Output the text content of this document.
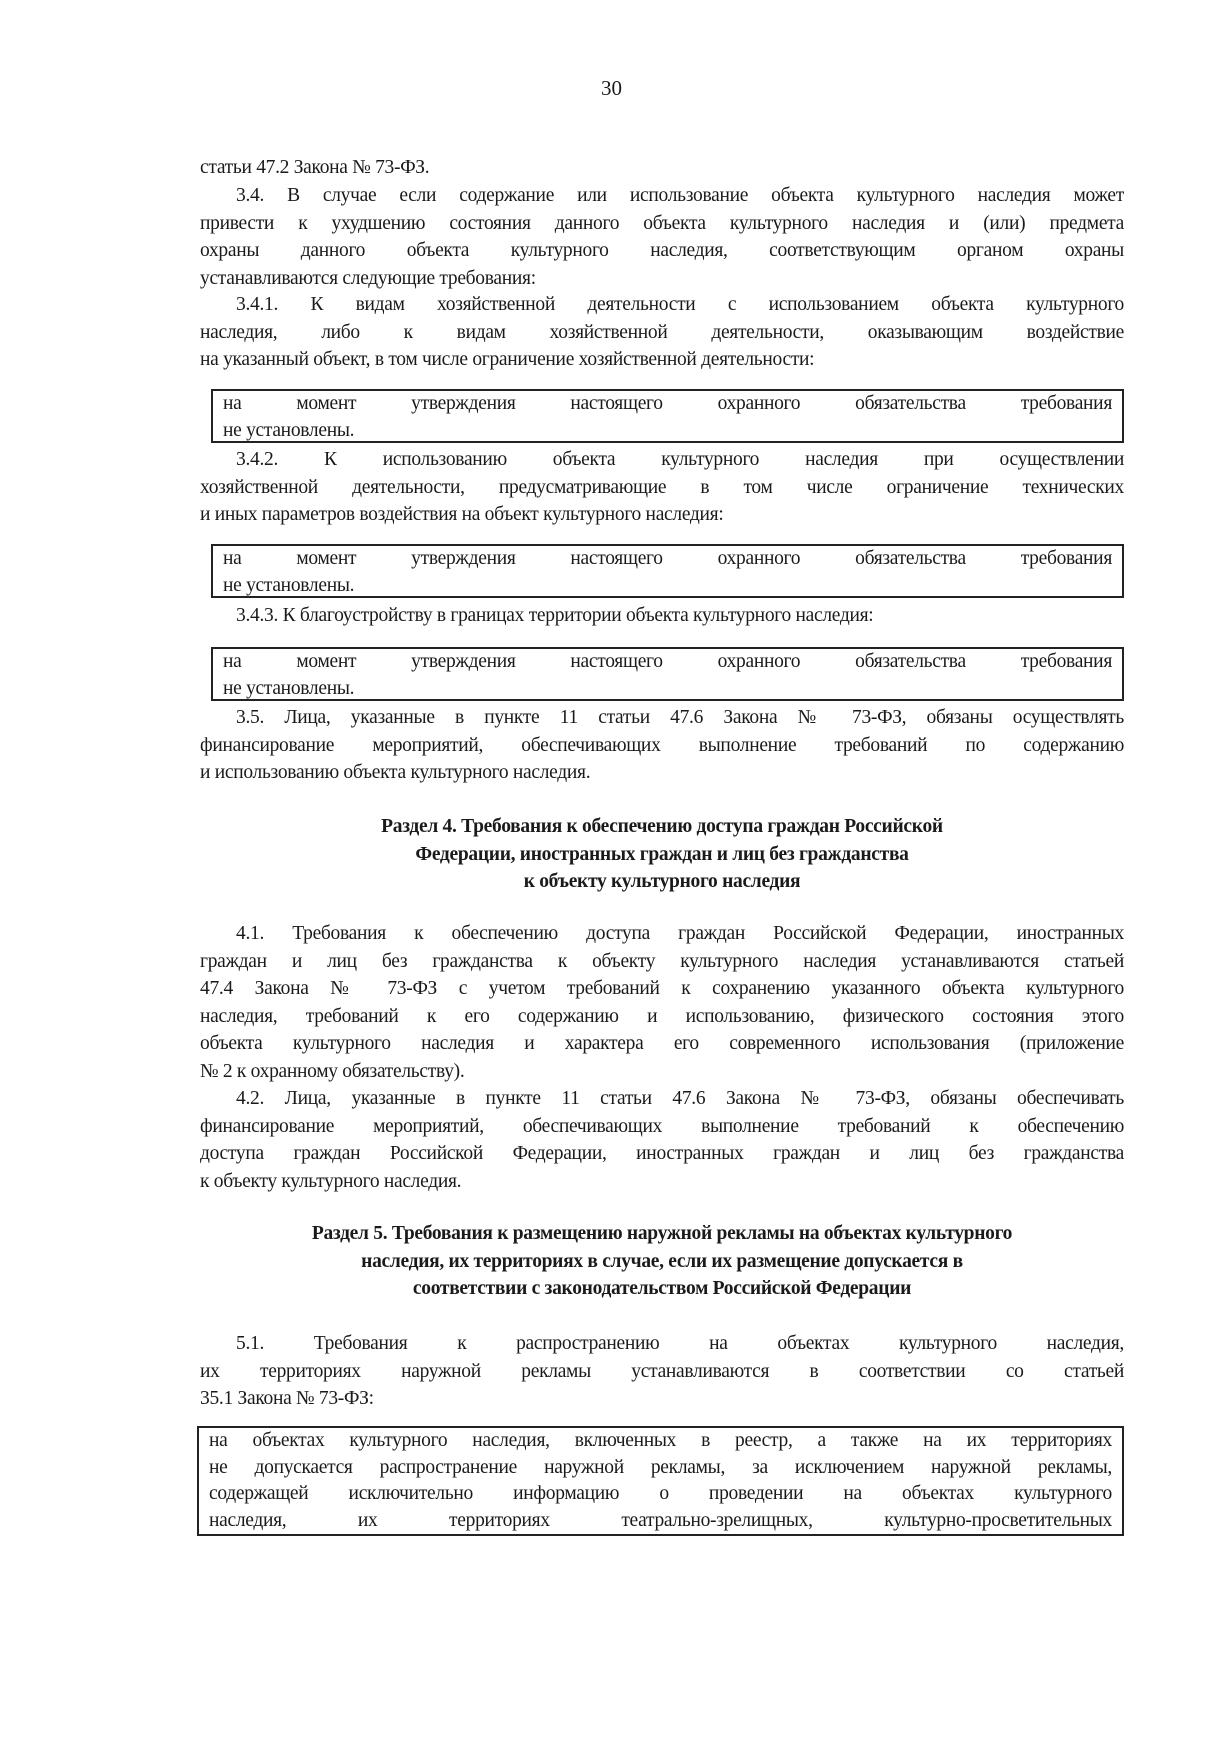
30
статьи 47.2 Закона № 73-ФЗ.
3.4. В случае если содержание или использование объекта культурного наследия может
привести к ухудшению состояния данного объекта культурного наследия и (или) предмета
охраны данного объекта культурного наследия, соответствующим органом охраны
устанавливаются следующие требования:
3.4.1. К видам хозяйственной деятельности с использованием объекта культурного
наследия, либо к видам хозяйственной деятельности, оказывающим воздействие
на указанный объект, в том числе ограничение хозяйственной деятельности:
на момент утверждения настоящего охранного обязательства требования
не установлены.
3.4.2. К использованию объекта культурного наследия при осуществлении
хозяйственной деятельности, предусматривающие в том числе ограничение технических
и иных параметров воздействия на объект культурного наследия:
на момент утверждения настоящего охранного обязательства требования
не установлены.
3.4.3. К благоустройству в границах территории объекта культурного наследия:
на момент утверждения настоящего охранного обязательства требования
не установлены.
3.5. Лица, указанные в пункте 11 статьи 47.6 Закона № 73-ФЗ, обязаны осуществлять
финансирование мероприятий, обеспечивающих выполнение требований по содержанию
и использованию объекта культурного наследия.
Раздел 4. Требования к обеспечению доступа граждан Российской
Федерации, иностранных граждан и лиц без гражданства
к объекту культурного наследия
4.1. Требования к обеспечению доступа граждан Российской Федерации, иностранных
граждан и лиц без гражданства к объекту культурного наследия устанавливаются статьей
47.4 Закона № 73-ФЗ с учетом требований к сохранению указанного объекта культурного
наследия, требований к его содержанию и использованию, физического состояния этого
объекта культурного наследия и характера его современного использования (приложение
№ 2 к охранному обязательству).
4.2. Лица, указанные в пункте 11 статьи 47.6 Закона № 73-ФЗ, обязаны обеспечивать
финансирование мероприятий, обеспечивающих выполнение требований к обеспечению
доступа граждан Российской Федерации, иностранных граждан и лиц без гражданства
к объекту культурного наследия.
Раздел 5. Требования к размещению наружной рекламы на объектах культурного
наследия, их территориях в случае, если их размещение допускается в
соответствии с законодательством Российской Федерации
5.1. Требования к распространению на объектах культурного наследия,
их территориях наружной рекламы устанавливаются в соответствии со статьей
35.1 Закона № 73-ФЗ:
на объектах культурного наследия, включенных в реестр, а также на их территориях
не допускается распространение наружной рекламы, за исключением наружной рекламы,
содержащей исключительно информацию о проведении на объектах культурного
наследия, их территориях театрально-зрелищных, культурно-просветительных
